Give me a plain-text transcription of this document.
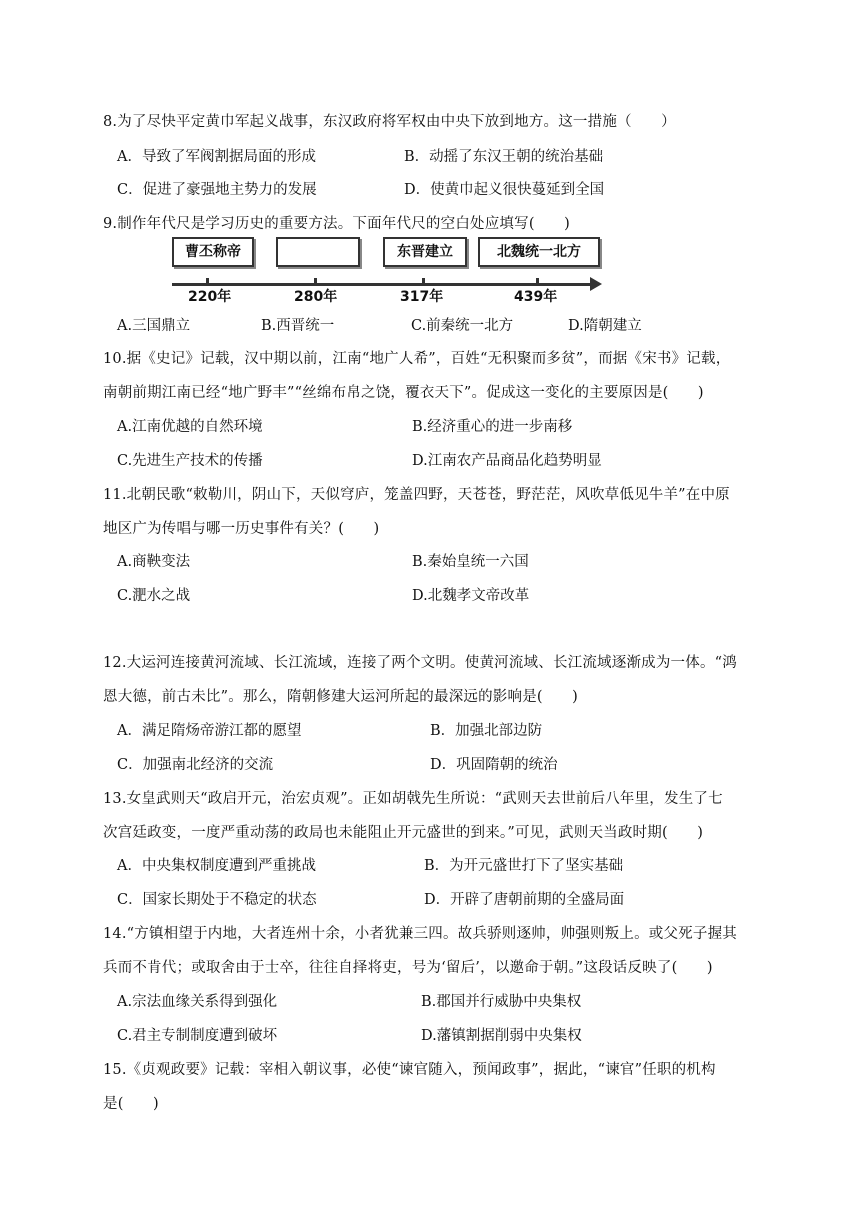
8.为了尽快平定黄巾军起义战事，东汉政府将军权由中央下放到地方。这一措施（　　）
A．导致了军阀割据局面的形成	B．动摇了东汉王朝的统治基础
C．促进了豪强地主势力的发展	D．使黄巾起义很快蔓延到全国
9.制作年代尺是学习历史的重要方法。下面年代尺的空白处应填写(　　)
曹丕称帝	东晋建立	北魏统一北方
220年	280年	317年	439年
A.三国鼎立	B.西晋统一	C.前秦统一北方	D.隋朝建立
10.据《史记》记载，汉中期以前，江南“地广人希”，百姓“无积聚而多贫”，而据《宋书》记载，
南朝前期江南已经“地广野丰”“丝绵布帛之饶，覆衣天下”。促成这一变化的主要原因是(　　)
A.江南优越的自然环境	B.经济重心的进一步南移
C.先进生产技术的传播	D.江南农产品商品化趋势明显
11.北朝民歌“敕勒川，阴山下，天似穹庐，笼盖四野，天苍苍，野茫茫，风吹草低见牛羊”在中原
地区广为传唱与哪一历史事件有关？(　　)
A.商鞅变法	B.秦始皇统一六国
C.淝水之战	D.北魏孝文帝改革
12.大运河连接黄河流域、长江流域，连接了两个文明。使黄河流域、长江流域逐渐成为一体。“鸿
恩大德，前古未比”。那么，隋朝修建大运河所起的最深远的影响是(　　)
A．满足隋炀帝游江都的愿望	B．加强北部边防
C．加强南北经济的交流	D．巩固隋朝的统治
13.女皇武则天“政启开元，治宏贞观”。正如胡戟先生所说：“武则天去世前后八年里，发生了七
次宫廷政变，一度严重动荡的政局也未能阻止开元盛世的到来。”可见，武则天当政时期(　　)
A．中央集权制度遭到严重挑战	B．为开元盛世打下了坚实基础
C．国家长期处于不稳定的状态	D．开辟了唐朝前期的全盛局面
14.“方镇相望于内地，大者连州十余，小者犹兼三四。故兵骄则逐帅，帅强则叛上。或父死子握其
兵而不肯代；或取舍由于士卒，往往自择将吏，号为‘留后’，以邀命于朝。”这段话反映了(　　)
A.宗法血缘关系得到强化	B.郡国并行威胁中央集权
C.君主专制制度遭到破坏	D.藩镇割据削弱中央集权
15.《贞观政要》记载：宰相入朝议事，必使“谏官随入，预闻政事”，据此，“谏官”任职的机构
是(　　)
